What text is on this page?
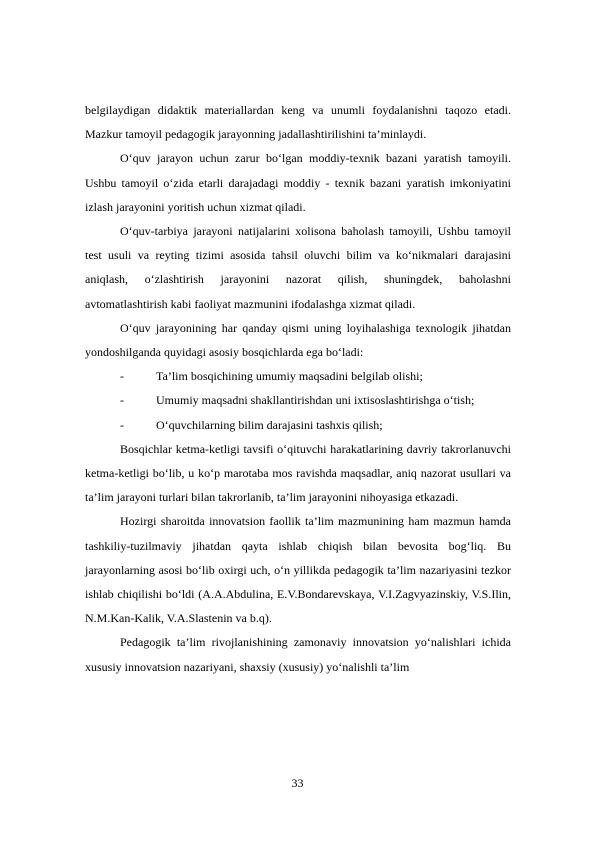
belgilaydigan didaktik materiallardan keng va unumli foydalanishni taqozo etadi. Mazkur tamoyil pedagogik jarayonning jadallashtirilishini ta’minlaydi.

O‘quv jarayon uchun zarur bo‘lgan moddiy-texnik bazani yaratish tamoyili. Ushbu tamoyil o‘zida etarli darajadagi moddiy - texnik bazani yaratish imkoniyatini izlash jarayonini yoritish uchun xizmat qiladi.

O‘quv-tarbiya jarayoni natijalarini xolisona baholash tamoyili, Ushbu tamoyil test usuli va reyting tizimi asosida tahsil oluvchi bilim va ko‘nikmalari darajasini aniqlash, o‘zlashtirish jarayonini nazorat qilish, shuningdek, baholashni avtomatlashtirish kabi faoliyat mazmunini ifodalashga xizmat qiladi.

O‘quv jarayonining har qanday qismi uning loyihalashiga texnologik jihatdan yondoshilganda quyidagi asosiy bosqichlarda ega bo‘ladi:

-	Ta’lim bosqichining umumiy maqsadini belgilab olishi;

-	Umumiy maqsadni shakllantirishdan uni ixtisoslashtirishga o‘tish;

-	O‘quvchilarning bilim darajasini tashxis qilish;

Bosqichlar ketma-ketligi tavsifi o‘qituvchi harakatlarining davriy takrorlanuvchi ketma-ketligi bo‘lib, u ko‘p marotaba mos ravishda maqsadlar, aniq nazorat usullari va ta’lim jarayoni turlari bilan takrorlanib, ta’lim jarayonini nihoyasiga etkazadi.

Hozirgi sharoitda innovatsion faollik ta’lim mazmunining ham mazmun hamda tashkiliy-tuzilmaviy jihatdan qayta ishlab chiqish bilan bevosita bog‘liq. Bu jarayonlarning asosi bo‘lib oxirgi uch, o‘n yillikda pedagogik ta’lim nazariyasini tezkor ishlab chiqilishi bo‘ldi (A.A.Abdulina, E.V.Bondarevskaya, V.I.Zagvyazinskiy, V.S.Ilin, N.M.Kan-Kalik, V.A.Slastenin va b.q).

Pedagogik ta’lim rivojlanishining zamonaviy innovatsion yo‘nalishlari ichida xususiy innovatsion nazariyani, shaxsiy (xususiy) yo‘nalishli ta’lim

33
